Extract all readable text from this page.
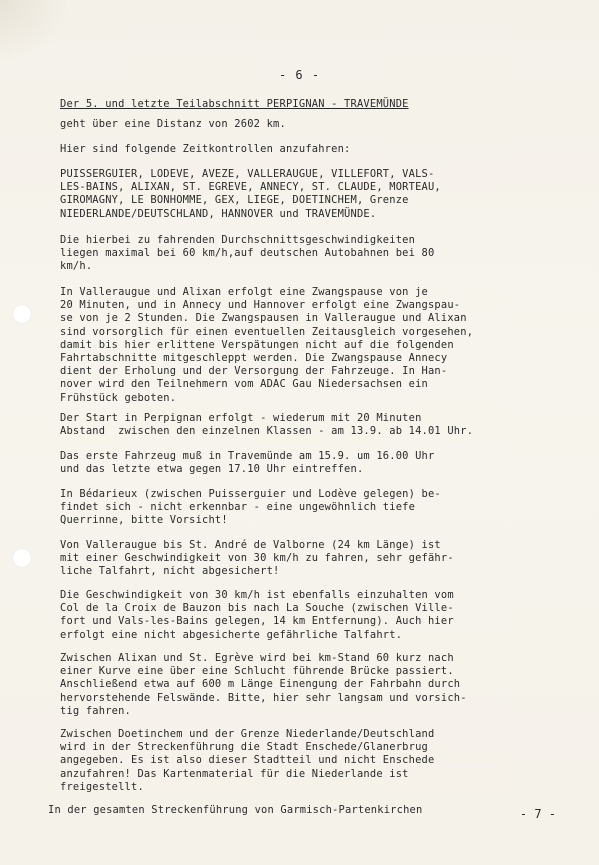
- 6 -
Der 5. und letzte Teilabschnitt PERPIGNAN - TRAVEMÜNDE
geht über eine Distanz von 2602 km.
Hier sind folgende Zeitkontrollen anzufahren:
PUISSERGUIER, LODEVE, AVEZE, VALLERAUGUE, VILLEFORT, VALS-
LES-BAINS, ALIXAN, ST. EGREVE, ANNECY, ST. CLAUDE, MORTEAU,
GIROMAGNY, LE BONHOMME, GEX, LIEGE, DOETINCHEM, Grenze
NIEDERLANDE/DEUTSCHLAND, HANNOVER und TRAVEMÜNDE.
Die hierbei zu fahrenden Durchschnittsgeschwindigkeiten
liegen maximal bei 60 km/h,auf deutschen Autobahnen bei 80
km/h.
In Valleraugue und Alixan erfolgt eine Zwangspause von je
20 Minuten, und in Annecy und Hannover erfolgt eine Zwangspau-
se von je 2 Stunden. Die Zwangspausen in Valleraugue und Alixan
sind vorsorglich für einen eventuellen Zeitausgleich vorgesehen,
damit bis hier erlittene Verspätungen nicht auf die folgenden
Fahrtabschnitte mitgeschleppt werden. Die Zwangspause Annecy
dient der Erholung und der Versorgung der Fahrzeuge. In Han-
nover wird den Teilnehmern vom ADAC Gau Niedersachsen ein
Frühstück geboten.
Der Start in Perpignan erfolgt - wiederum mit 20 Minuten
Abstand  zwischen den einzelnen Klassen - am 13.9. ab 14.01 Uhr.
Das erste Fahrzeug muß in Travemünde am 15.9. um 16.00 Uhr
und das letzte etwa gegen 17.10 Uhr eintreffen.
In Bédarieux (zwischen Puisserguier und Lodève gelegen) be-
findet sich - nicht erkennbar - eine ungewöhnlich tiefe
Querrinne, bitte Vorsicht!
Von Valleraugue bis St. André de Valborne (24 km Länge) ist
mit einer Geschwindigkeit von 30 km/h zu fahren, sehr gefähr-
liche Talfahrt, nicht abgesichert!
Die Geschwindigkeit von 30 km/h ist ebenfalls einzuhalten vom
Col de la Croix de Bauzon bis nach La Souche (zwischen Ville-
fort und Vals-les-Bains gelegen, 14 km Entfernung). Auch hier
erfolgt eine nicht abgesicherte gefährliche Talfahrt.
Zwischen Alixan und St. Egrève wird bei km-Stand 60 kurz nach
einer Kurve eine über eine Schlucht führende Brücke passiert.
Anschließend etwa auf 600 m Länge Einengung der Fahrbahn durch
hervorstehende Felswände. Bitte, hier sehr langsam und vorsich-
tig fahren.
Zwischen Doetinchem und der Grenze Niederlande/Deutschland
wird in der Streckenführung die Stadt Enschede/Glanerbrug
angegeben. Es ist also dieser Stadtteil und nicht Enschede
anzufahren! Das Kartenmaterial für die Niederlande ist
freigestellt.
In der gesamten Streckenführung von Garmisch-Partenkirchen	- 7 -
